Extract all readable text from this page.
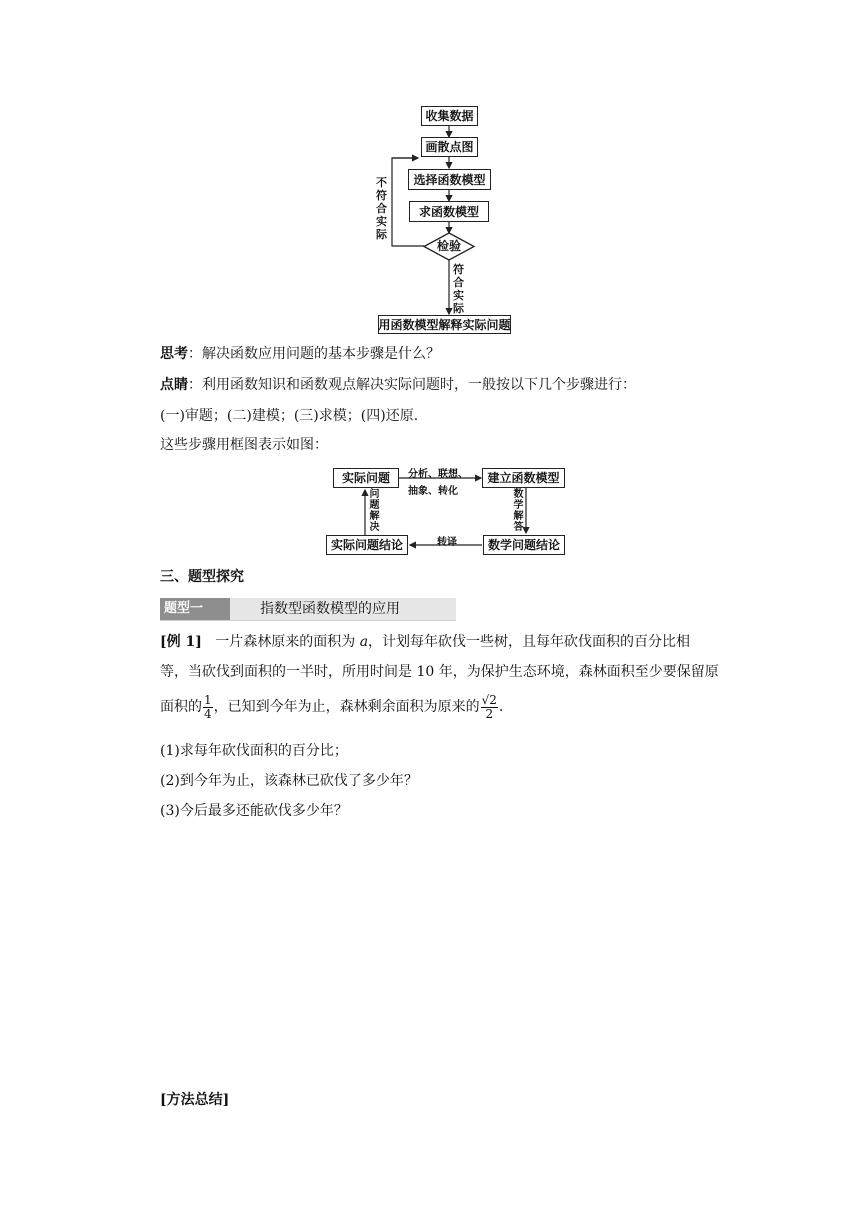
收集数据
画散点图
选择函数模型
求函数模型
检验
不符合实际
符合实际
用函数模型解释实际问题
思考：解决函数应用问题的基本步骤是什么？
点睛：利用函数知识和函数观点解决实际问题时，一般按以下几个步骤进行：
(一)审题；(二)建模；(三)求模；(四)还原.
这些步骤用框图表示如图：
实际问题	建立函数模型
数学问题结论
实际问题结论
分析、联想、
抽象、转化	数学解答
转译
问题解决
三、题型探究
题型一	指数型函数模型的应用
[例 1] 一片森林原来的面积为 a，计划每年砍伐一些树，且每年砍伐面积的百分比相
等，当砍伐到面积的一半时，所用时间是 10 年，为保护生态环境，森林面积至少要保留原
面积的 $\frac{1}{4}$ ，已知到今年为止，森林剩余面积为原来的 $\frac{√2}{2}$ .
(1)求每年砍伐面积的百分比；
(2)到今年为止，该森林已砍伐了多少年？
(3)今后最多还能砍伐多少年？
[方法总结]
